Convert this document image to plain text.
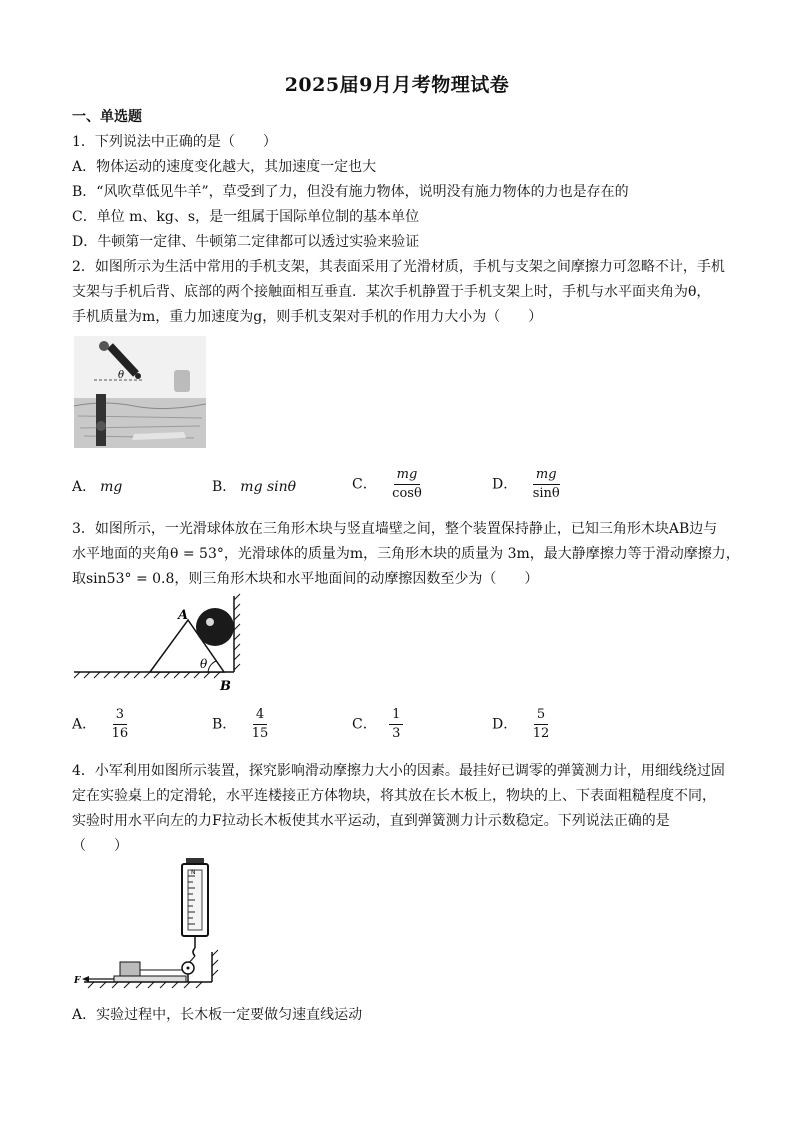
2025届9月月考物理试卷
一、单选题
1．下列说法中正确的是（　　）
A．物体运动的速度变化越大，其加速度一定也大
B．“风吹草低见牛羊”，草受到了力，但没有施力物体，说明没有施力物体的力也是存在的
C．单位 m、kg、s，是一组属于国际单位制的基本单位
D．牛顿第一定律、牛顿第二定律都可以透过实验来验证
2．如图所示为生活中常用的手机支架，其表面采用了光滑材质，手机与支架之间摩擦力可忽略不计，手机
支架与手机后背、底部的两个接触面相互垂直．某次手机静置于手机支架上时，手机与水平面夹角为θ，
手机质量为m，重力加速度为g，则手机支架对手机的作用力大小为（　　）
θ
A． mg	B． mg sinθ	C． $\frac{mg}{\cos\theta}$	D． $\frac{mg}{\sin\theta}$
3．如图所示，一光滑球体放在三角形木块与竖直墙壁之间，整个装置保持静止，已知三角形木块AB边与
水平地面的夹角θ = 53°，光滑球体的质量为m，三角形木块的质量为 3m，最大静摩擦力等于滑动摩擦力，
取sin53° = 0.8，则三角形木块和水平地面间的动摩擦因数至少为（　　）
A
B
θ
A． $\frac{3}{16}$	B． $\frac{4}{15}$	C． $\frac{1}{3}$	D． $\frac{5}{12}$
4．小军利用如图所示装置，探究影响滑动摩擦力大小的因素。最挂好已调零的弹簧测力计，用细线绕过固
定在实验桌上的定滑轮，水平连楼接正方体物块，将其放在长木板上，物块的上、下表面粗糙程度不同，
实验时用水平向左的力F拉动长木板使其水平运动，直到弹簧测力计示数稳定。下列说法正确的是
（　　）
N
F
A．实验过程中，长木板一定要做匀速直线运动
